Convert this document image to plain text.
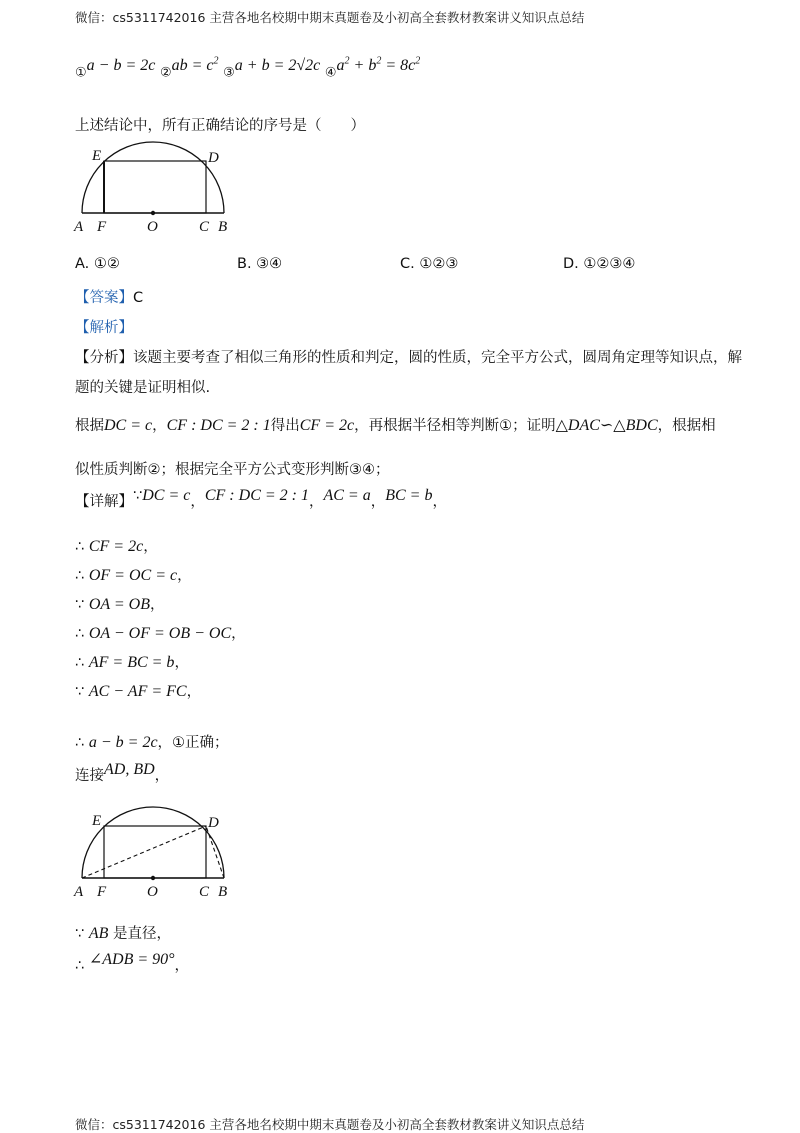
微信：cs5311742016 主营各地名校期中期末真题卷及小初高全套教材教案讲义知识点总结
微信：cs5311742016 主营各地名校期中期末真题卷及小初高全套教材教案讲义知识点总结
①a − b = 2c ②ab = $c^2$ ③a + b = 2√2c $④a^2 + b^2 = 8c^2$
上述结论中，所有正确结论的序号是（　　）
E	D
A F	O	C B
A. ①②	B. ③④	C. ①②③	D. ①②③④
【答案】C
【解析】
【分析】该题主要考查了相似三角形的性质和判定，圆的性质，完全平方公式，圆周角定理等知识点，解
题的关键是证明相似.
根据DC = c，CF : DC = 2 : 1得出CF = 2c，再根据半径相等判断①；证明△DAC∽△BDC，根据相
似性质判断②；根据完全平方公式变形判断③④；
【详解】∵DC = c，CF : DC = 2 : 1，AC = a，BC = b，
∴ CF = 2c，
∴ OF = OC = c，
∵ OA = OB，
∴ OA − OF = OB − OC，
∴ AF = BC = b，
∵ AC − AF = FC，
∴ a − b = 2c，①正确；
连接AD, BD，
E	D
A F	O	C B
∵ AB 是直径，
∴ ∠ADB = 90°，
